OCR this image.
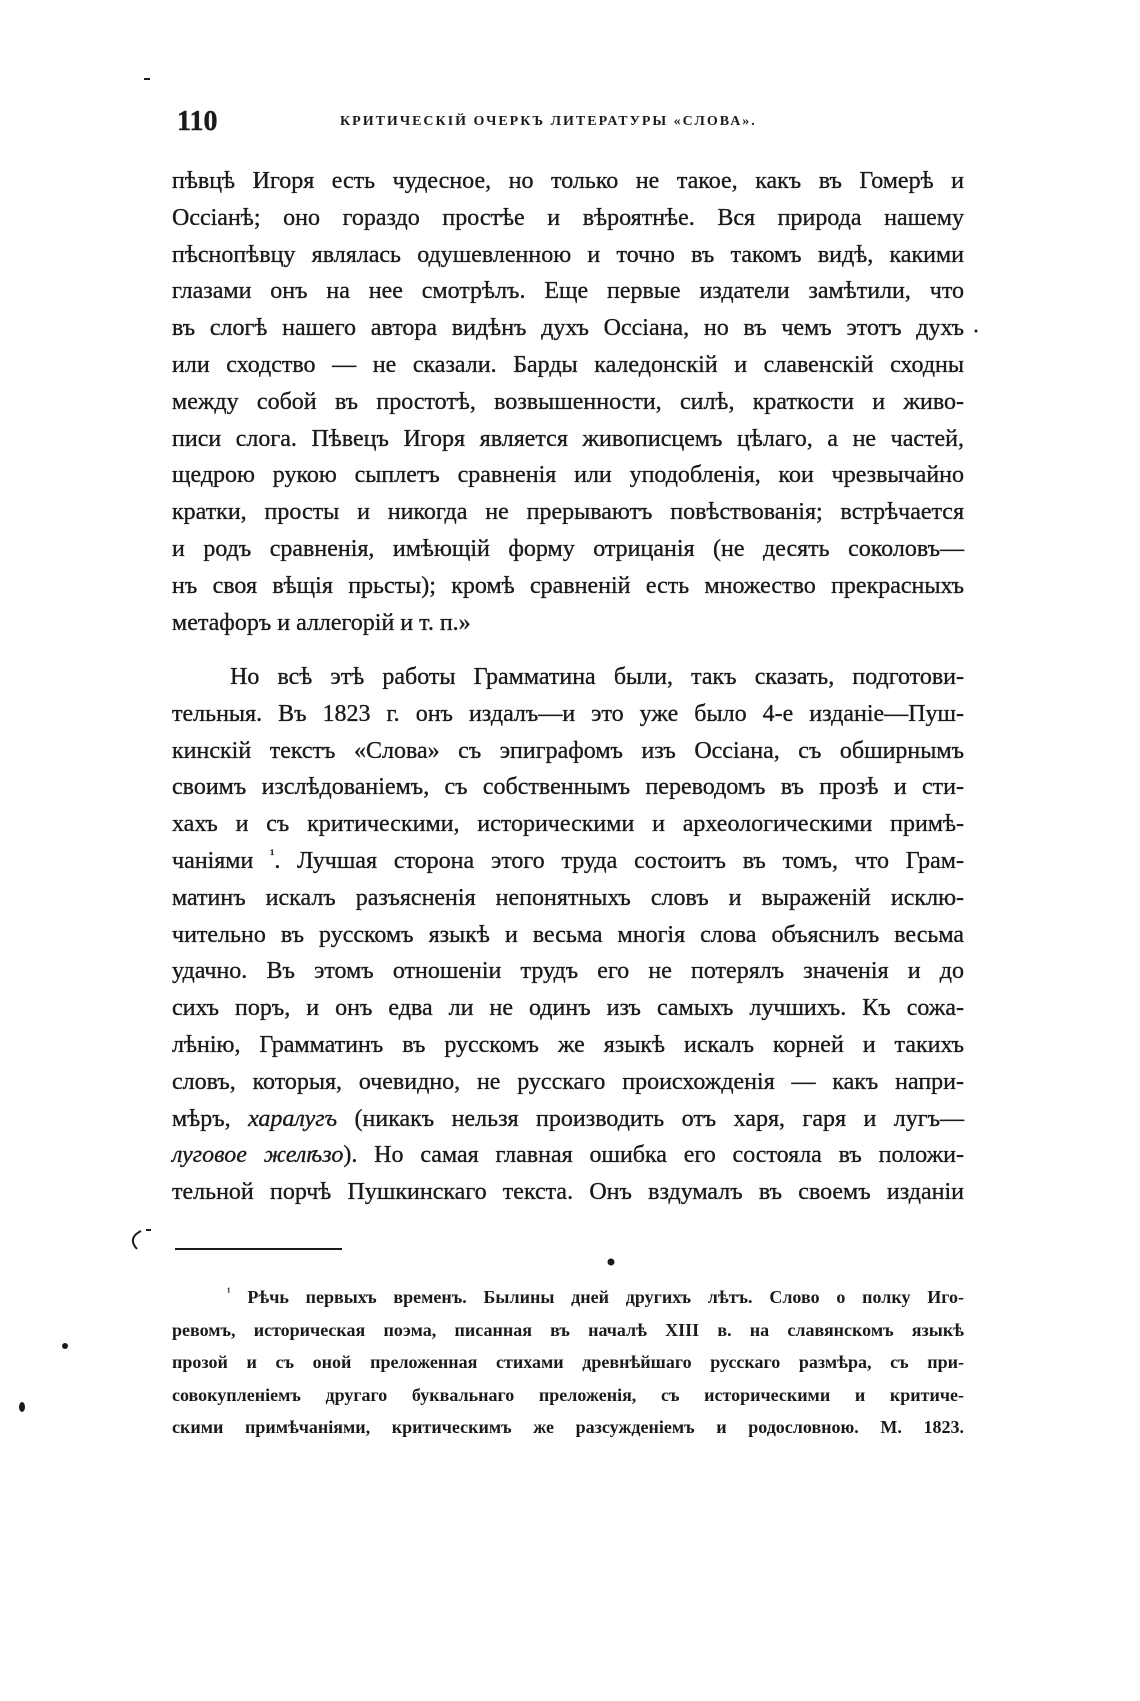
110	КРИТИЧЕСКІЙ ОЧЕРКЪ ЛИТЕРАТУРЫ «СЛОВА».
пѣвцѣ Игоря есть чудесное, но только не такое, какъ въ Гомерѣ и
Оссіанѣ; оно гораздо простѣе и вѣроятнѣе. Вся природа нашему
пѣснопѣвцу являлась одушевленною и точно въ такомъ видѣ, какими
глазами онъ на нее смотрѣлъ. Еще первые издатели замѣтили, что
въ слогѣ нашего автора видѣнъ духъ Оссіана, но въ чемъ этотъ духъ
или сходство — не сказали. Барды каледонскій и славенскій сходны
между собой въ простотѣ, возвышенности, силѣ, краткости и живо-
писи слога. Пѣвецъ Игоря является живописцемъ цѣлаго, а не частей,
щедрою рукою сыплетъ сравненія или уподобленія, кои чрезвычайно
кратки, просты и никогда не прерываютъ повѣствованія; встрѣчается
и родъ сравненія, имѣющій форму отрицанія (не десять соколовъ—
нъ своя вѣщія прьсты); кромѣ сравненій есть множество прекрасныхъ
метафоръ и аллегорій и т. п.»
Но всѣ этѣ работы Грамматина были, такъ сказать, подготови-
тельныя. Въ 1823 г. онъ издалъ—и это уже было 4-е изданіе—Пуш-
кинскій текстъ «Слова» съ эпиграфомъ изъ Оссіана, съ обширнымъ
своимъ изслѣдованіемъ, съ собственнымъ переводомъ въ прозѣ и сти-
хахъ и съ критическими, историческими и археологическими примѣ-
чаніями $^{^1}$. Лучшая сторона этого труда состоитъ въ томъ, что Грам-
матинъ искалъ разъясненія непонятныхъ словъ и выраженій исклю-
чительно въ русскомъ языкѣ и весьма многія слова объяснилъ весьма
удачно. Въ этомъ отношеніи трудъ его не потерялъ значенія и до
сихъ поръ, и онъ едва ли не одинъ изъ самыхъ лучшихъ. Къ сожа-
лѣнію, Грамматинъ въ русскомъ же языкѣ искалъ корней и такихъ
словъ, которыя, очевидно, не русскаго происхожденія — какъ напри-
мѣръ, харалугъ (никакъ нельзя производить отъ харя, гаря и лугъ—
луговое желѣзо). Но самая главная ошибка его состояла въ положи-
тельной порчѣ Пушкинскаго текста. Онъ вздумалъ въ своемъ изданіи
$^{^1}$ Рѣчь первыхъ временъ. Былины дней другихъ лѣтъ. Слово о полку Иго-
ревомъ, историческая поэма, писанная въ началѣ XIII в. на славянскомъ языкѣ
прозой и съ оной преложенная стихами древнѣйшаго русскаго размѣра, съ при-
совокупленіемъ другаго буквальнаго преложенія, съ историческими и критиче-
скими примѣчаніями, критическимъ же разсужденіемъ и родословною. М. 1823.
